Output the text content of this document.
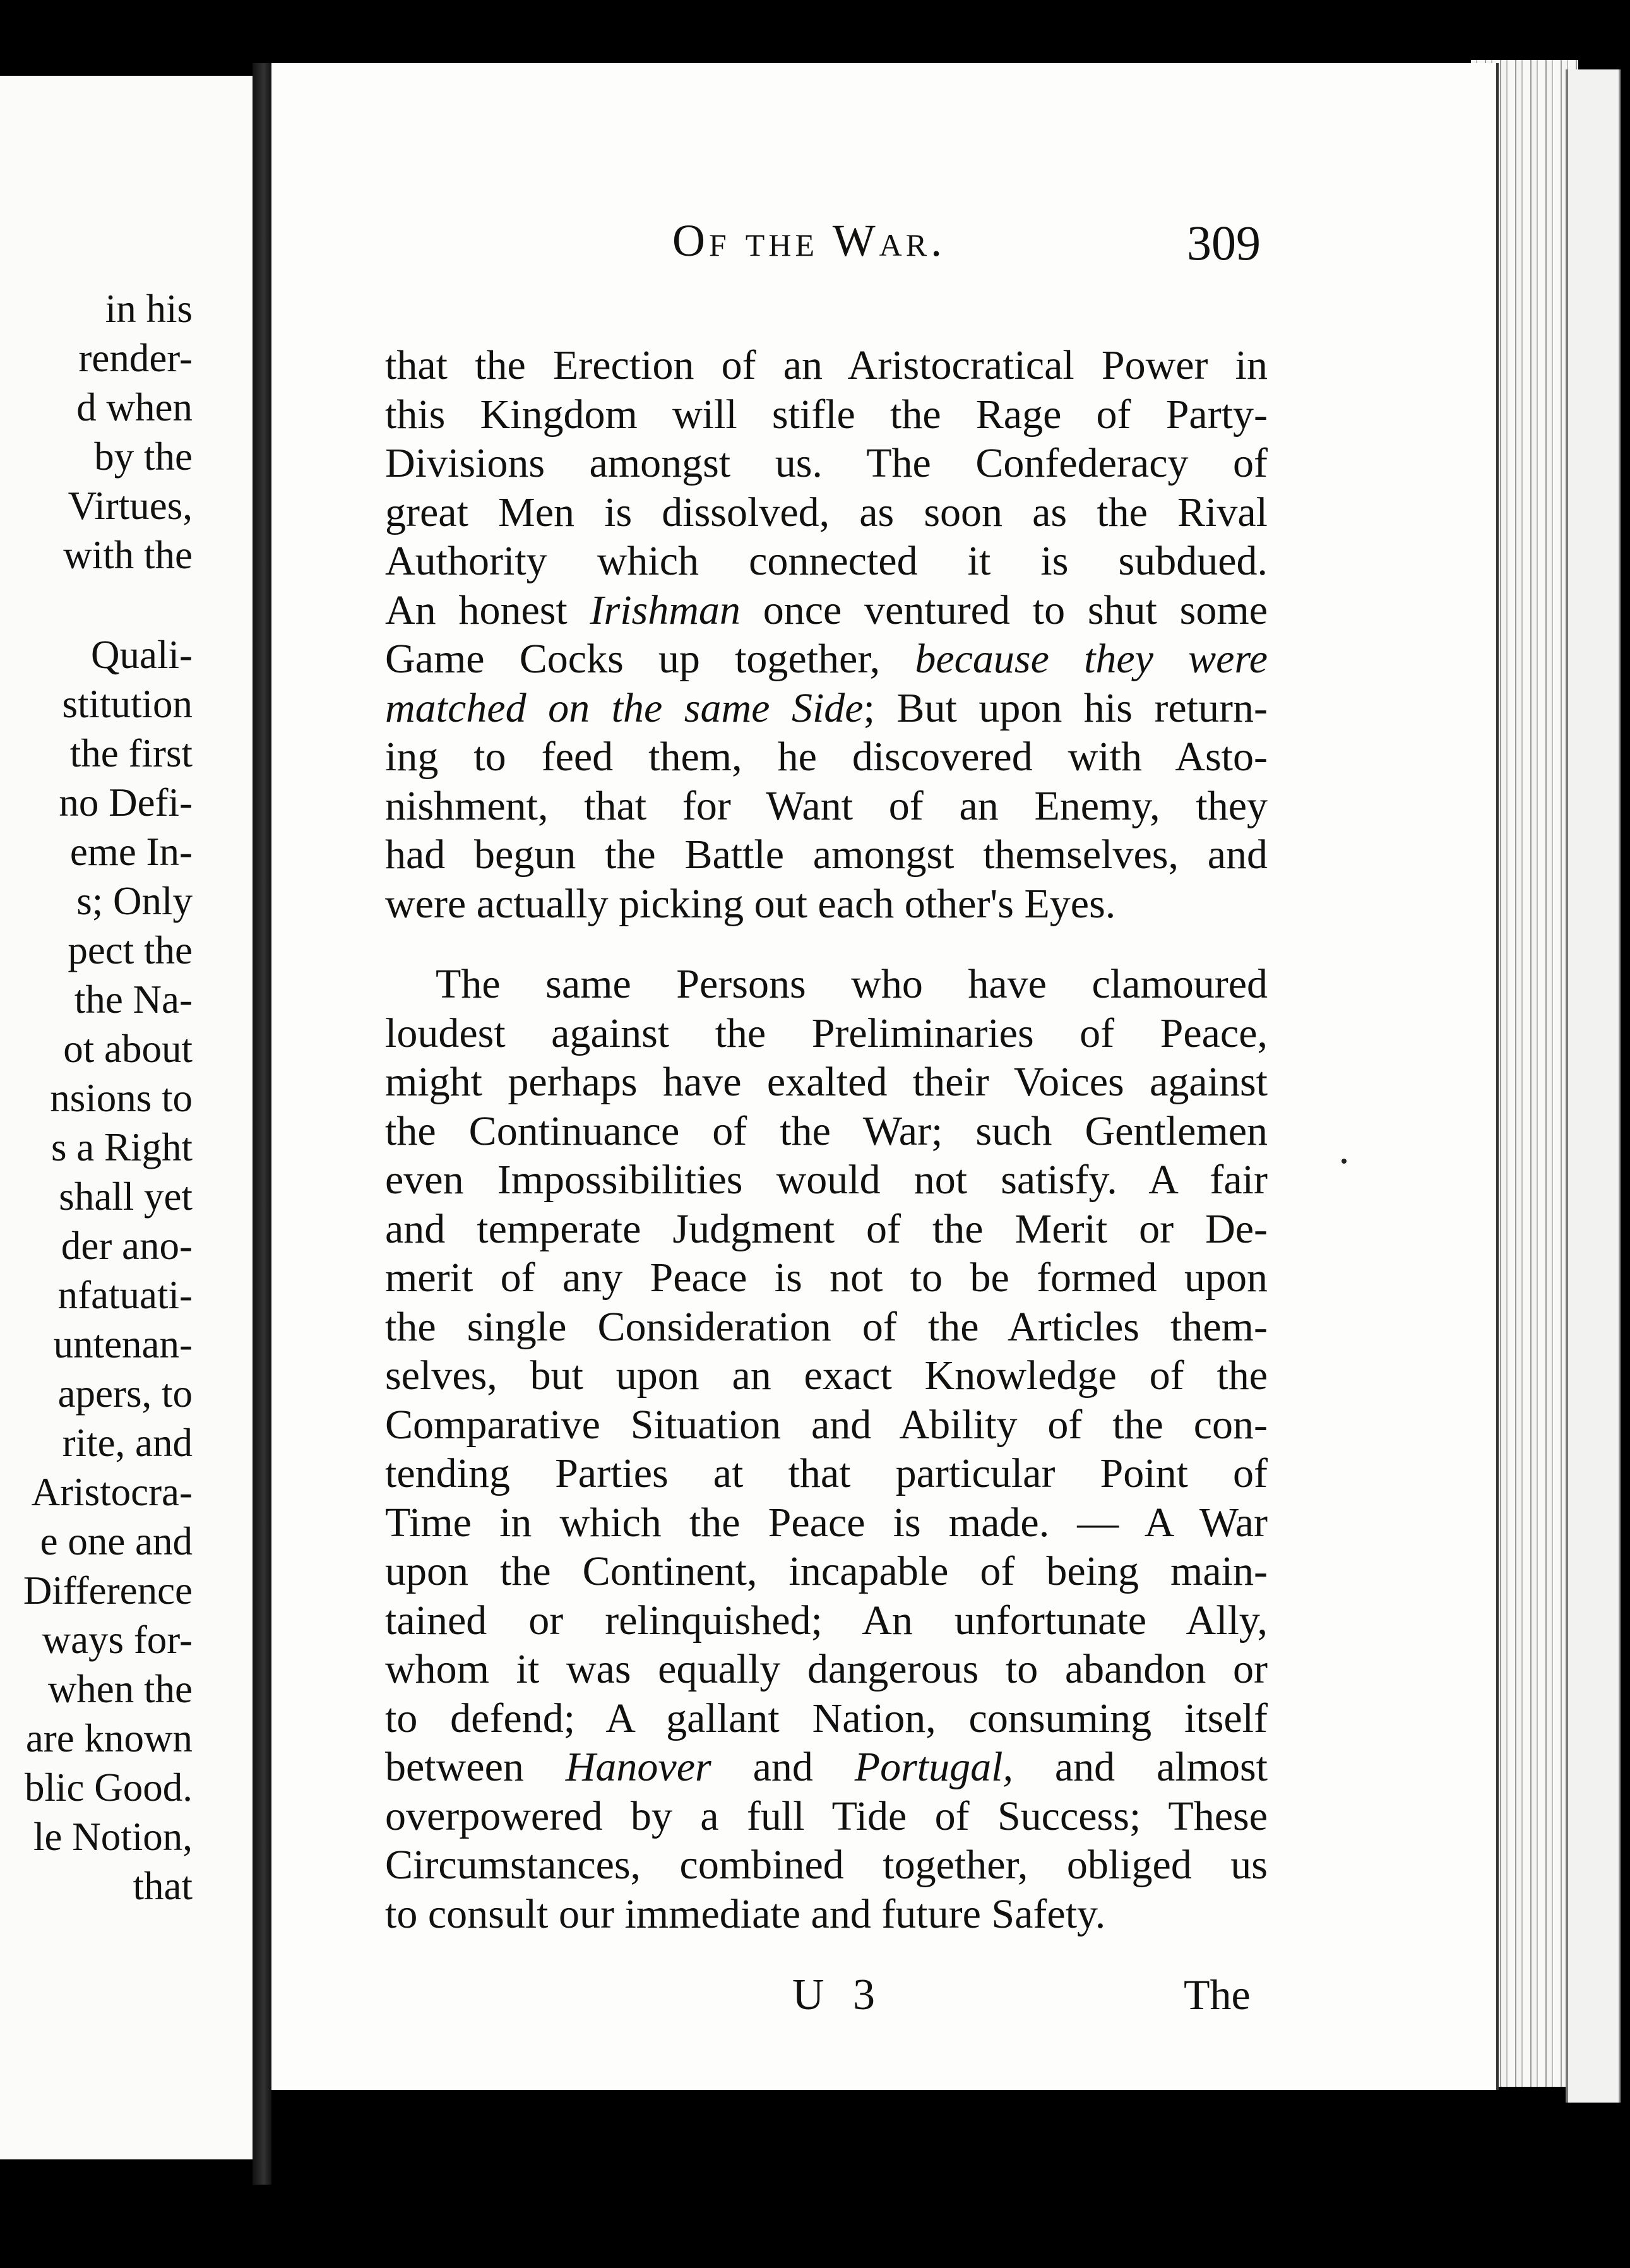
in his
render-
d when
by the
Virtues,
with the
Quali-
stitution
the first
no Defi-
eme In-
s; Only
pect the
the Na-
ot about
nsions to
s a Right
shall yet
der ano-
nfatuati-
untenan-
apers, to
rite, and
Aristocra-
e one and
Difference
ways for-
when the
are known
blic Good.
le Notion,
that
Of the War.	309
that the Erection of an Aristocratical Power in
this Kingdom will stifle the Rage of Party-
Divisions amongst us. The Confederacy of
great Men is dissolved, as soon as the Rival
Authority which connected it is subdued.
An honest Irishman once ventured to shut some
Game Cocks up together, because they were
matched on the same Side; But upon his return-
ing to feed them, he discovered with Asto-
nishment, that for Want of an Enemy, they
had begun the Battle amongst themselves, and
were actually picking out each other's Eyes.
The same Persons who have clamoured
loudest against the Preliminaries of Peace,
might perhaps have exalted their Voices against
the Continuance of the War; such Gentlemen
even Impossibilities would not satisfy. A fair
and temperate Judgment of the Merit or De-
merit of any Peace is not to be formed upon
the single Consideration of the Articles them-
selves, but upon an exact Knowledge of the
Comparative Situation and Ability of the con-
tending Parties at that particular Point of
Time in which the Peace is made. — A War
upon the Continent, incapable of being main-
tained or relinquished; An unfortunate Ally,
whom it was equally dangerous to abandon or
to defend; A gallant Nation, consuming itself
between Hanover and Portugal, and almost
overpowered by a full Tide of Success; These
Circumstances, combined together, obliged us
to consult our immediate and future Safety.
U 3	The
